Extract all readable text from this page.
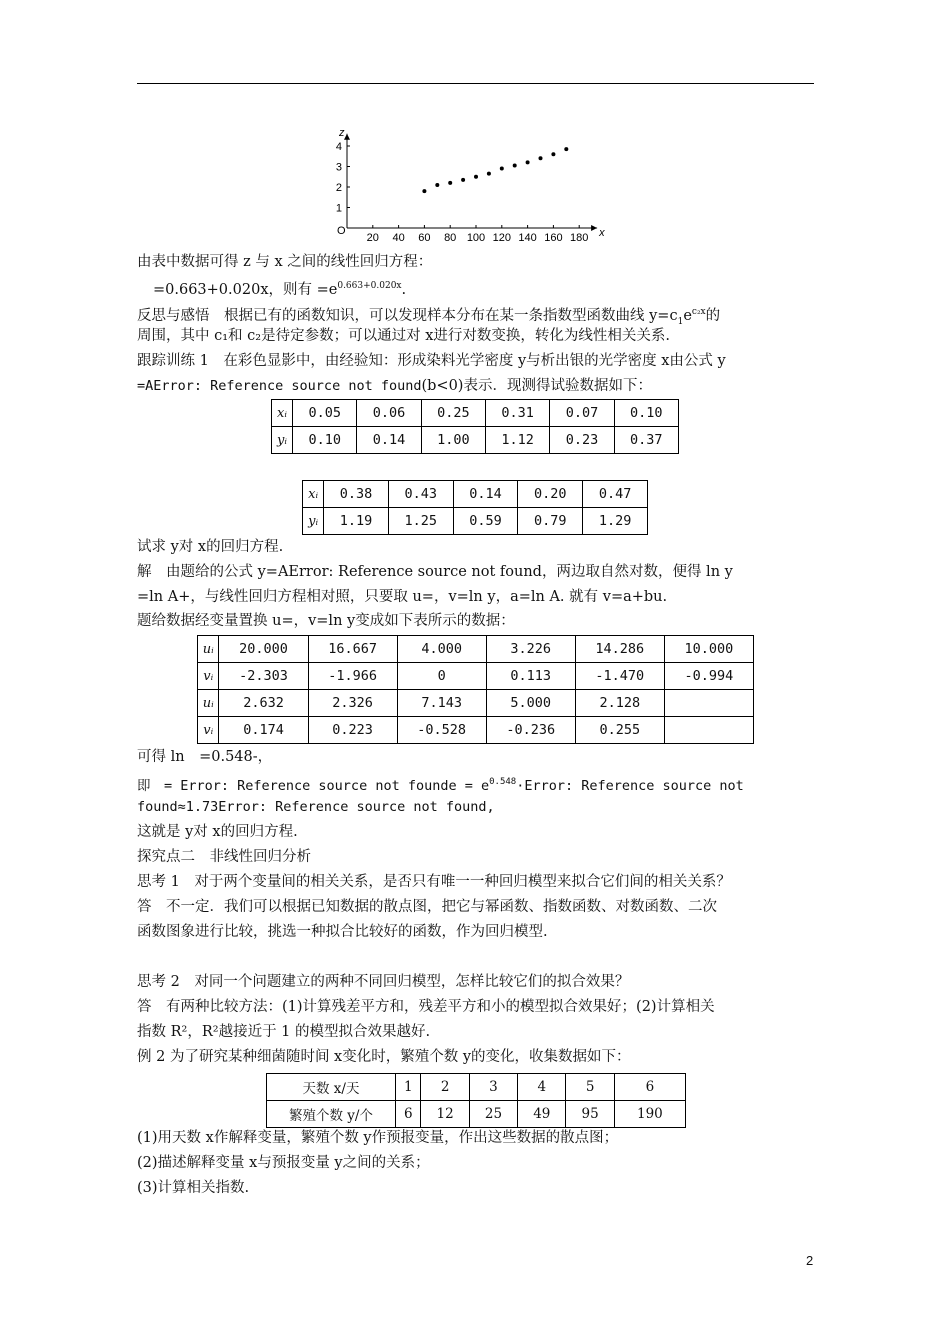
O	x
z
20 40 60 80 100 120 140 160 180
1
2
3
4
由表中数据可得 z 与 x 之间的线性回归方程：
=0.663+0.020x，则有 $=e^{0.663+0.020x}$.
反思与感悟　根据已有的函数知识，可以发现样本分布在某一条指数型函数曲线 $y=c_1e^{c_2x}$的
周围，其中 c₁和 c₂是待定参数；可以通过对 x进行对数变换，转化为线性相关关系.
跟踪训练 1　在彩色显影中，由经验知：形成染料光学密度 y与析出银的光学密度 x由公式 y
=AError: Reference source not found(b<0)表示．现测得试验数据如下：
试求 y对 x的回归方程.
解　由题给的公式 y=AError: Reference source not found，两边取自然对数，便得 ln y
=ln A+，与线性回归方程相对照，只要取 u=，v=ln y，a=ln A. 就有 v=a+bu.
题给数据经变量置换 u=，v=ln y变成如下表所示的数据：
可得 ln　=0.548-，
即　= Error: Reference source not founde = $e^{0.548}\cdot Error$: Reference source not
found≈1.73Error: Reference source not found,
这就是 y对 x的回归方程.
探究点二　非线性回归分析
思考 1　对于两个变量间的相关关系，是否只有唯一一种回归模型来拟合它们间的相关关系？
答　不一定．我们可以根据已知数据的散点图，把它与幂函数、指数函数、对数函数、二次
函数图象进行比较，挑选一种拟合比较好的函数，作为回归模型.
思考 2　对同一个问题建立的两种不同回归模型，怎样比较它们的拟合效果？
答　有两种比较方法：(1)计算残差平方和，残差平方和小的模型拟合效果好；(2)计算相关
指数 R²，R²越接近于 1 的模型拟合效果越好.
例 2 为了研究某种细菌随时间 x变化时，繁殖个数 y的变化，收集数据如下：
(1)用天数 x作解释变量，繁殖个数 y作预报变量，作出这些数据的散点图；
(2)描述解释变量 x与预报变量 y之间的关系；
(3)计算相关指数.
xᵢ	0.05	0.06	0.25	0.31	0.07	0.10
yᵢ	0.10	0.14	1.00	1.12	0.23	0.37
xᵢ	0.38	0.43	0.14	0.20	0.47
yᵢ	1.19	1.25	0.59	0.79	1.29
uᵢ	20.000	16.667	4.000	3.226	14.286	10.000
vᵢ	-2.303	-1.966	0	0.113	-1.470	-0.994
uᵢ	2.632	2.326	7.143	5.000	2.128	
vᵢ	0.174	0.223	-0.528	-0.236	0.255	
天数 x/天	1	2	3	4	5	6
繁殖个数 y/个	6	12	25	49	95	190
2
